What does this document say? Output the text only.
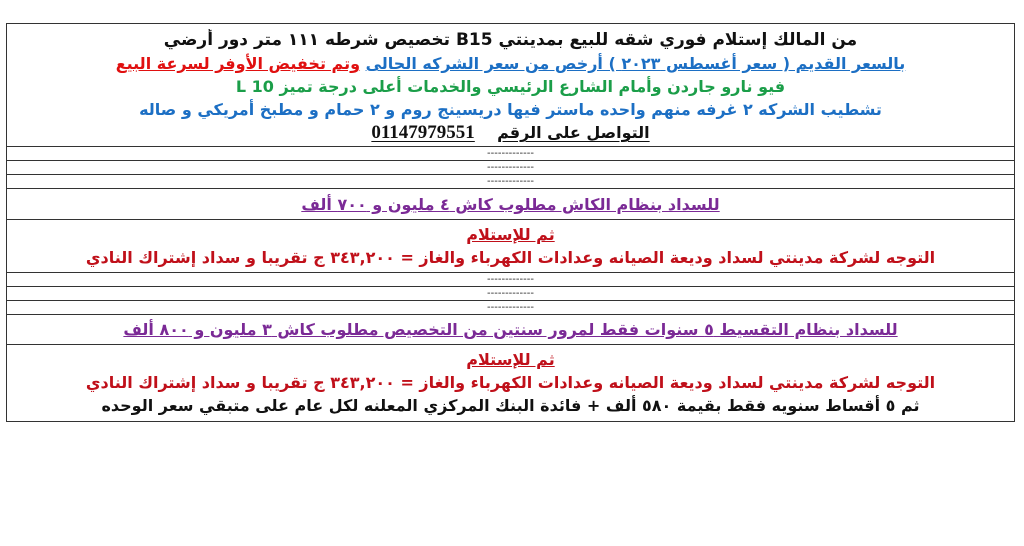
من المالك إستلام فوري شقه للبيع بمدينتي B15 تخصيص شرطه ١١١ متر دور أرضي
بالسعر القديم ( سعر أغسطس ٢٠٢٣ ) أرخص من سعر الشركه الحالى وتم تخفيض الأوفر لسرعة البيع
فيو نارو جاردن وأمام الشارع الرئيسي والخدمات أعلى درجة تميز L 10
تشطيب الشركه ٢ غرفه منهم واحده ماستر فيها دريسينج روم و ٢ حمام و مطبخ أمريكي و صاله
التواصل على الرقم    01147979551
-------------
-------------
-------------
للسداد بنظام الكاش مطلوب كاش ٤ مليون و ٧٠٠ ألف
ثم للإستلام
التوجه لشركة مدينتي لسداد وديعة الصيانه وعدادات الكهرباء والغاز = ٣٤٣,٢٠٠ ج تقريبا و سداد إشتراك النادي
-------------
-------------
-------------
للسداد بنظام التقسيط ٥ سنوات فقط لمرور سنتين من التخصيص مطلوب كاش ٣ مليون و ٨٠٠ ألف
ثم للإستلام
التوجه لشركة مدينتي لسداد وديعة الصيانه وعدادات الكهرباء والغاز = ٣٤٣,٢٠٠ ج تقريبا و سداد إشتراك النادي
ثم ٥ أقساط سنويه فقط بقيمة ٥٨٠ ألف + فائدة البنك المركزي المعلنه لكل عام على متبقي سعر الوحده
